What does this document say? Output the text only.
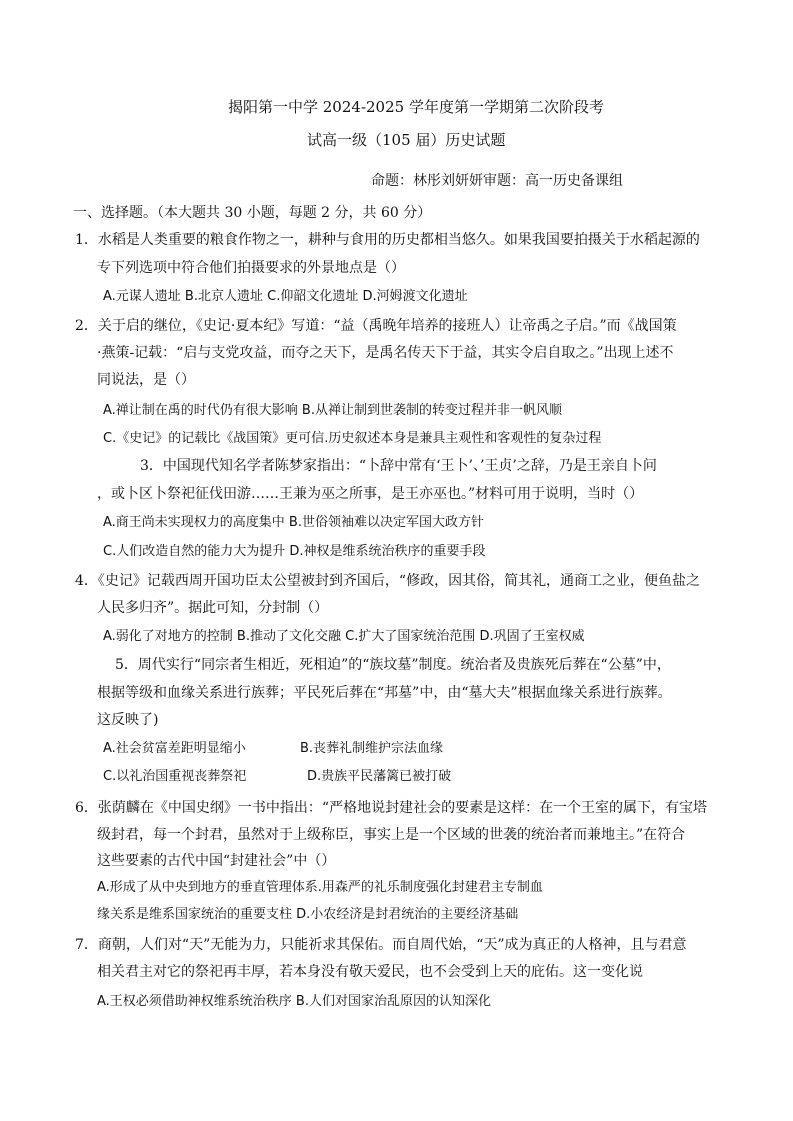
揭阳第一中学 2024-2025 学年度第一学期第二次阶段考
试高一级（105 届）历史试题
命题：林彤刘妍妍审题：高一历史备课组
一、选择题。（本大题共 30 小题，每题 2 分，共 60 分）
1．水稻是人类重要的粮食作物之一，耕种与食用的历史都相当悠久。如果我国要拍摄关于水稻起源的
专下列选项中符合他们拍摄要求的外景地点是（）
A.元谋人遗址 B.北京人遗址 C.仰韶文化遗址 D.河姆渡文化遗址
2．关于启的继位，《史记·夏本纪》写道：“益（禹晚年培养的接班人）让帝禹之子启。”而《战国策
·燕策-记载：“启与支党攻益，而夺之天下，是禹名传天下于益，其实令启自取之。”出现上述不
同说法，是（）
A.禅让制在禹的时代仍有很大影响 B.从禅让制到世袭制的转变过程并非一帆风顺
C.《史记》的记载比《战国策》更可信.历史叙述本身是兼具主观性和客观性的复杂过程
3．中国现代知名学者陈梦家指出：“卜辞中常有‘王卜’、’王贞’之辞，乃是王亲自卜问
，或卜区卜祭祀征伐田游……王兼为巫之所事，是王亦巫也。”材料可用于说明，当时（）
A.商王尚未实现权力的高度集中 B.世俗领袖难以决定军国大政方针
C.人们改造自然的能力大为提升 D.神权是维系统治秩序的重要手段
4．《史记》记载西周开国功臣太公望被封到齐国后，“修政，因其俗，简其礼，通商工之业，便鱼盐之
人民多归齐”。据此可知，分封制（）
A.弱化了对地方的控制 B.推动了文化交融 C.扩大了国家统治范围 D.巩固了王室权威
5．周代实行“同宗者生相近，死相迫”的“族坟墓”制度。统治者及贵族死后葬在“公墓”中，
根据等级和血缘关系进行族葬；平民死后葬在“邦墓”中，由“墓大夫”根据血缘关系进行族葬。
这反映了)
A.社会贫富差距明显缩小	B.丧葬礼制维护宗法血缘
C.以礼治国重视丧葬祭祀	D.贵族平民藩篱已被打破
6．张荫麟在《中国史纲》一书中指出：“严格地说封建社会的要素是这样：在一个王室的属下，有宝塔
级封君，每一个封君，虽然对于上级称臣，事实上是一个区域的世袭的统治者而兼地主。”在符合
这些要素的古代中国“封建社会”中（）
A.形成了从中央到地方的垂直管理体系.用森严的礼乐制度强化封建君主专制血
缘关系是维系国家统治的重要支柱 D.小农经济是封君统治的主要经济基础
7．商朝，人们对“天”无能为力，只能祈求其保佑。而自周代始，“天”成为真正的人格神，且与君意
相关君主对它的祭祀再丰厚，若本身没有敬天爱民，也不会受到上天的庇佑。这一变化说
A.王权必须借助神权维系统治秩序 B.人们对国家治乱原因的认知深化
